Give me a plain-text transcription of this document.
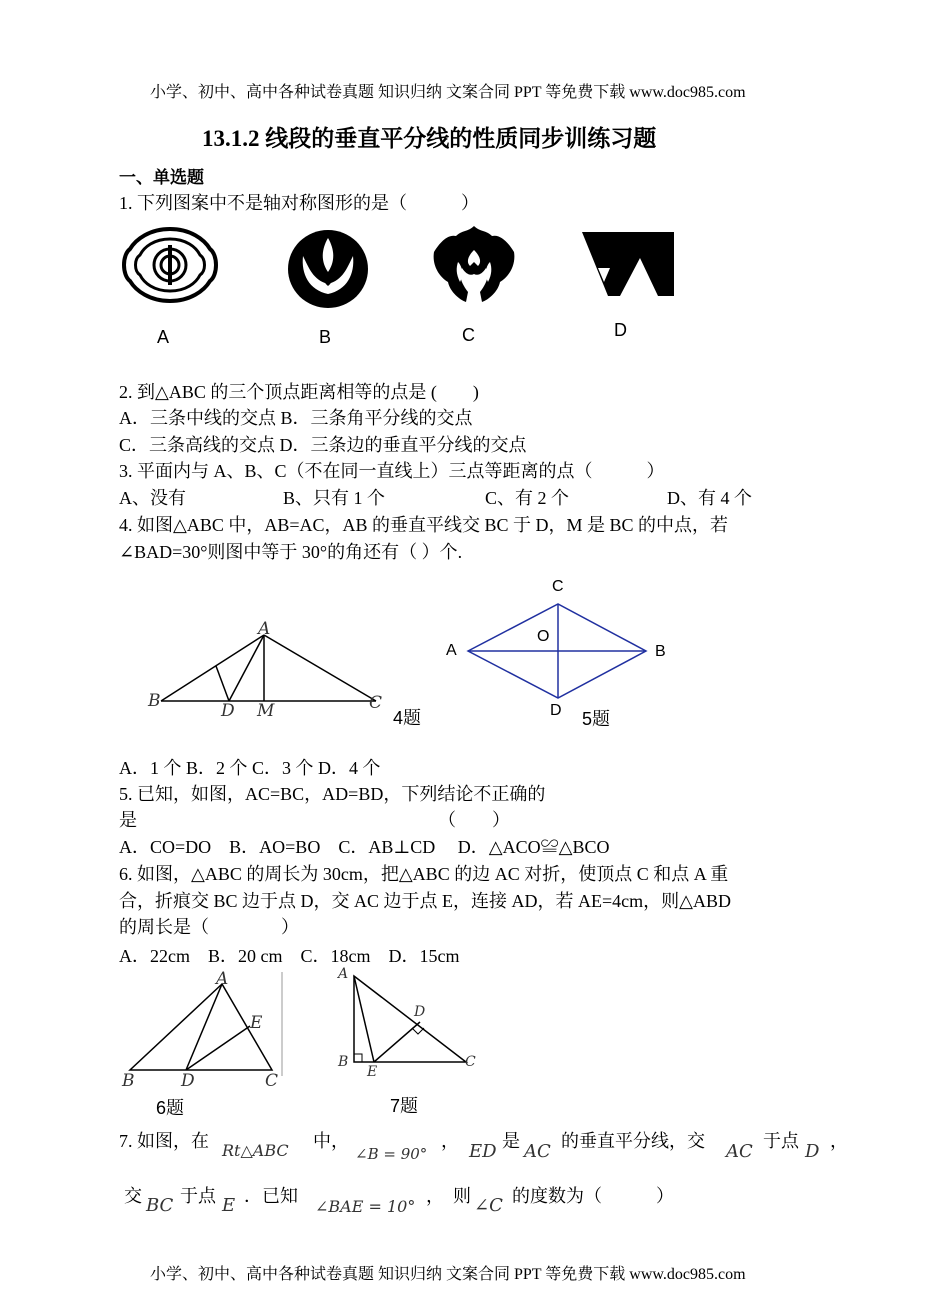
小学、初中、高中各种试卷真题 知识归纳 文案合同 PPT 等免费下载 www.doc985.com
13.1.2 线段的垂直平分线的性质同步训练习题
一、单选题
1. 下列图案中不是轴对称图形的是（　　　）
A	B	C	D
2. 到△ABC 的三个顶点距离相等的点是 (　　)
A．三条中线的交点 B．三条角平分线的交点
C．三条高线的交点 D．三条边的垂直平分线的交点
3. 平面内与 A、B、C（不在同一直线上）三点等距离的点（　　　）
A、没有	B、只有 1 个	C、有 2 个	D、有 4 个
4. 如图△ABC 中，AB=AC，AB 的垂直平线交 BC 于 D，M 是 BC 的中点，若
∠BAD=30°则图中等于 30°的角还有（ ）个.
A
B	D M	C
4题
C
O
A	B
D 5题
A．1 个 B．2 个 C．3 个 D．4 个
5. 已知，如图，AC=BC，AD=BD，下列结论不正确的
是	（　　）
A．CO=DO　B．AO=BO　C．AB⊥CD　 D．△ACO≌△BCO
6. 如图，△ABC 的周长为 30cm，把△ABC 的边 AC 对折，使顶点 C 和点 A 重
合，折痕交 BC 边于点 D，交 AC 边于点 E，连接 AD，若 AE=4cm，则△ABD
的周长是（　　　　）
A．22cm　B．20 cm　C．18cm　D．15cm
A
E
B	D	C
6题
A
D
B
E
C
7题
7. 如图，在 Rt△ABC 中，
∠B = 90°
， ED 是 AC 的垂直平分线，交 AC 于点 D ，
交 BC 于点 E ．已知
∠BAE = 10°
，　则 ∠C 的度数为（　　　）
小学、初中、高中各种试卷真题 知识归纳 文案合同 PPT 等免费下载 www.doc985.com
